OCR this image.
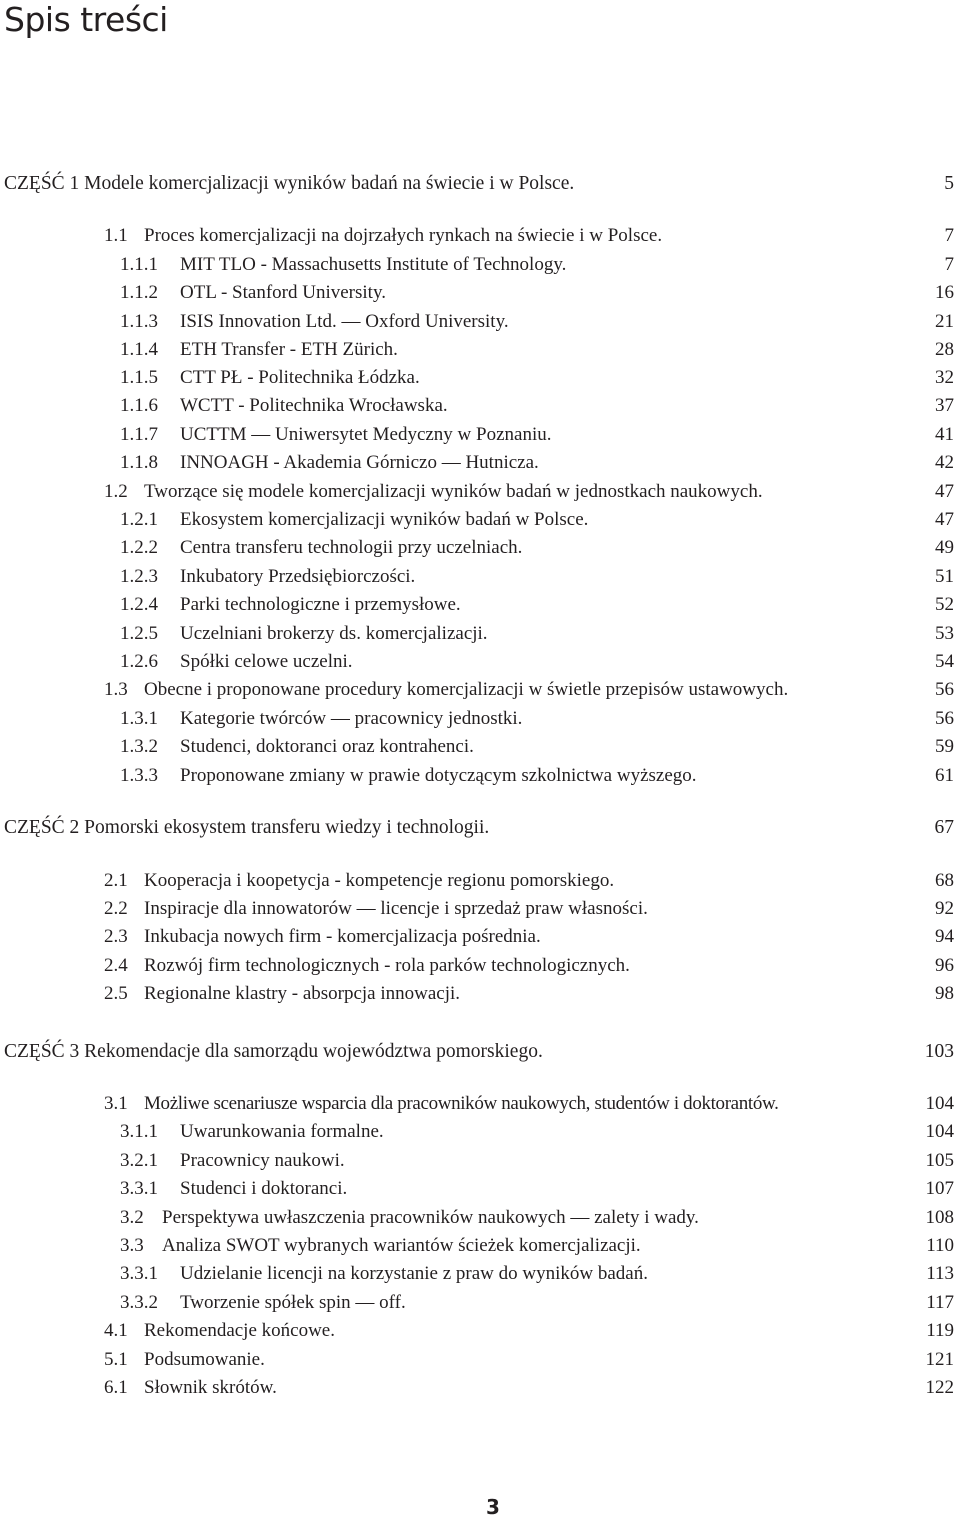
Spis treści
CZĘŚĆ 1 Modele komercjalizacji wyników badań na świecie i w Polsce.	5
1.1 Proces komercjalizacji na dojrzałych rynkach na świecie i w Polsce.	7
1.1.1 MIT TLO - Massachusetts Institute of Technology.	7
1.1.2 OTL - Stanford University.	16
1.1.3 ISIS Innovation Ltd. — Oxford University.	21
1.1.4 ETH Transfer - ETH Zürich.	28
1.1.5 CTT PŁ - Politechnika Łódzka.	32
1.1.6 WCTT - Politechnika Wrocławska.	37
1.1.7 UCTTM — Uniwersytet Medyczny w Poznaniu.	41
1.1.8 INNOAGH - Akademia Górniczo — Hutnicza.	42
1.2 Tworzące się modele komercjalizacji wyników badań w jednostkach naukowych.	47
1.2.1 Ekosystem komercjalizacji wyników badań w Polsce.	47
1.2.2 Centra transferu technologii przy uczelniach.	49
1.2.3 Inkubatory Przedsiębiorczości.	51
1.2.4 Parki technologiczne i przemysłowe.	52
1.2.5 Uczelniani brokerzy ds. komercjalizacji.	53
1.2.6 Spółki celowe uczelni.	54
1.3 Obecne i proponowane procedury komercjalizacji w świetle przepisów ustawowych.	56
1.3.1 Kategorie twórców — pracownicy jednostki.	56
1.3.2 Studenci, doktoranci oraz kontrahenci.	59
1.3.3 Proponowane zmiany w prawie dotyczącym szkolnictwa wyższego.	61
CZĘŚĆ 2 Pomorski ekosystem transferu wiedzy i technologii.	67
2.1 Kooperacja i koopetycja - kompetencje regionu pomorskiego.	68
2.2 Inspiracje dla innowatorów — licencje i sprzedaż praw własności.	92
2.3 Inkubacja nowych firm - komercjalizacja pośrednia.	94
2.4 Rozwój firm technologicznych - rola parków technologicznych.	96
2.5 Regionalne klastry - absorpcja innowacji.	98
CZĘŚĆ 3 Rekomendacje dla samorządu województwa pomorskiego.	103
3.1 Możliwe scenariusze wsparcia dla pracowników naukowych, studentów i doktorantów.	104
3.1.1 Uwarunkowania formalne.	104
3.2.1 Pracownicy naukowi.	105
3.3.1 Studenci i doktoranci.	107
3.2 Perspektywa uwłaszczenia pracowników naukowych — zalety i wady.	108
3.3 Analiza SWOT wybranych wariantów ścieżek komercjalizacji.	110
3.3.1 Udzielanie licencji na korzystanie z praw do wyników badań.	113
3.3.2 Tworzenie spółek spin — off.	117
4.1 Rekomendacje końcowe.	119
5.1 Podsumowanie.	121
6.1 Słownik skrótów.	122
3
